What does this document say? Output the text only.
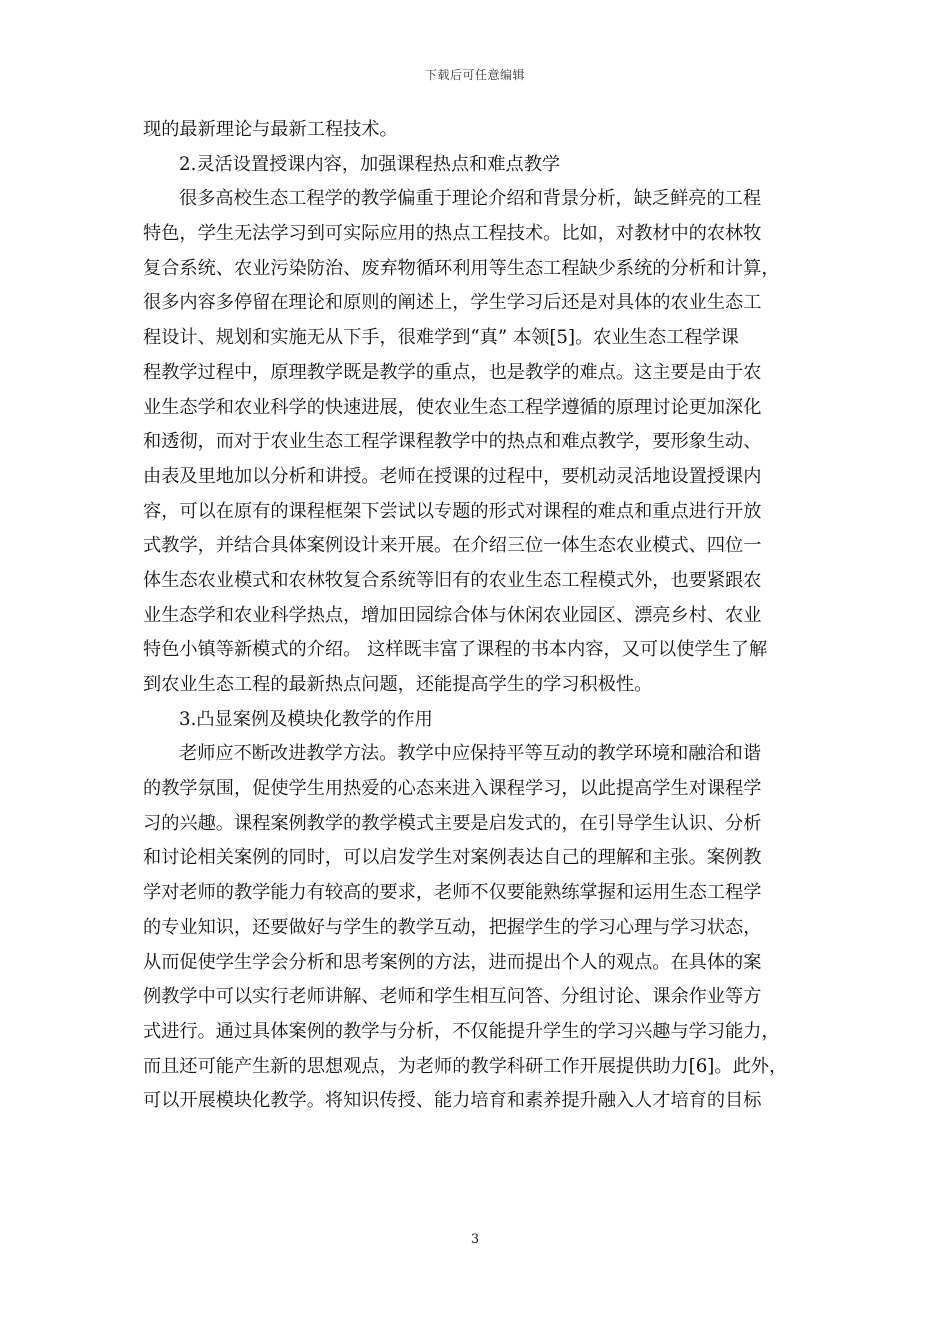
下载后可任意编辑
现的最新理论与最新工程技术。
2.灵活设置授课内容，加强课程热点和难点教学
很多高校生态工程学的教学偏重于理论介绍和背景分析，缺乏鲜亮的工程
特色，学生无法学习到可实际应用的热点工程技术。比如，对教材中的农林牧
复合系统、农业污染防治、废弃物循环利用等生态工程缺少系统的分析和计算，
很多内容多停留在理论和原则的阐述上，学生学习后还是对具体的农业生态工
程设计、规划和实施无从下手，很难学到“真” 本领[5]。农业生态工程学课
程教学过程中，原理教学既是教学的重点，也是教学的难点。这主要是由于农
业生态学和农业科学的快速进展，使农业生态工程学遵循的原理讨论更加深化
和透彻，而对于农业生态工程学课程教学中的热点和难点教学，要形象生动、
由表及里地加以分析和讲授。老师在授课的过程中，要机动灵活地设置授课内
容，可以在原有的课程框架下尝试以专题的形式对课程的难点和重点进行开放
式教学，并结合具体案例设计来开展。在介绍三位一体生态农业模式、四位一
体生态农业模式和农林牧复合系统等旧有的农业生态工程模式外，也要紧跟农
业生态学和农业科学热点，增加田园综合体与休闲农业园区、漂亮乡村、农业
特色小镇等新模式的介绍。 这样既丰富了课程的书本内容，又可以使学生了解
到农业生态工程的最新热点问题，还能提高学生的学习积极性。
3.凸显案例及模块化教学的作用
老师应不断改进教学方法。教学中应保持平等互动的教学环境和融洽和谐
的教学氛围，促使学生用热爱的心态来进入课程学习，以此提高学生对课程学
习的兴趣。课程案例教学的教学模式主要是启发式的，在引导学生认识、分析
和讨论相关案例的同时，可以启发学生对案例表达自己的理解和主张。案例教
学对老师的教学能力有较高的要求，老师不仅要能熟练掌握和运用生态工程学
的专业知识，还要做好与学生的教学互动，把握学生的学习心理与学习状态，
从而促使学生学会分析和思考案例的方法，进而提出个人的观点。在具体的案
例教学中可以实行老师讲解、老师和学生相互问答、分组讨论、课余作业等方
式进行。通过具体案例的教学与分析，不仅能提升学生的学习兴趣与学习能力，
而且还可能产生新的思想观点，为老师的教学科研工作开展提供助力[6]。此外，
可以开展模块化教学。将知识传授、能力培育和素养提升融入人才培育的目标
3
